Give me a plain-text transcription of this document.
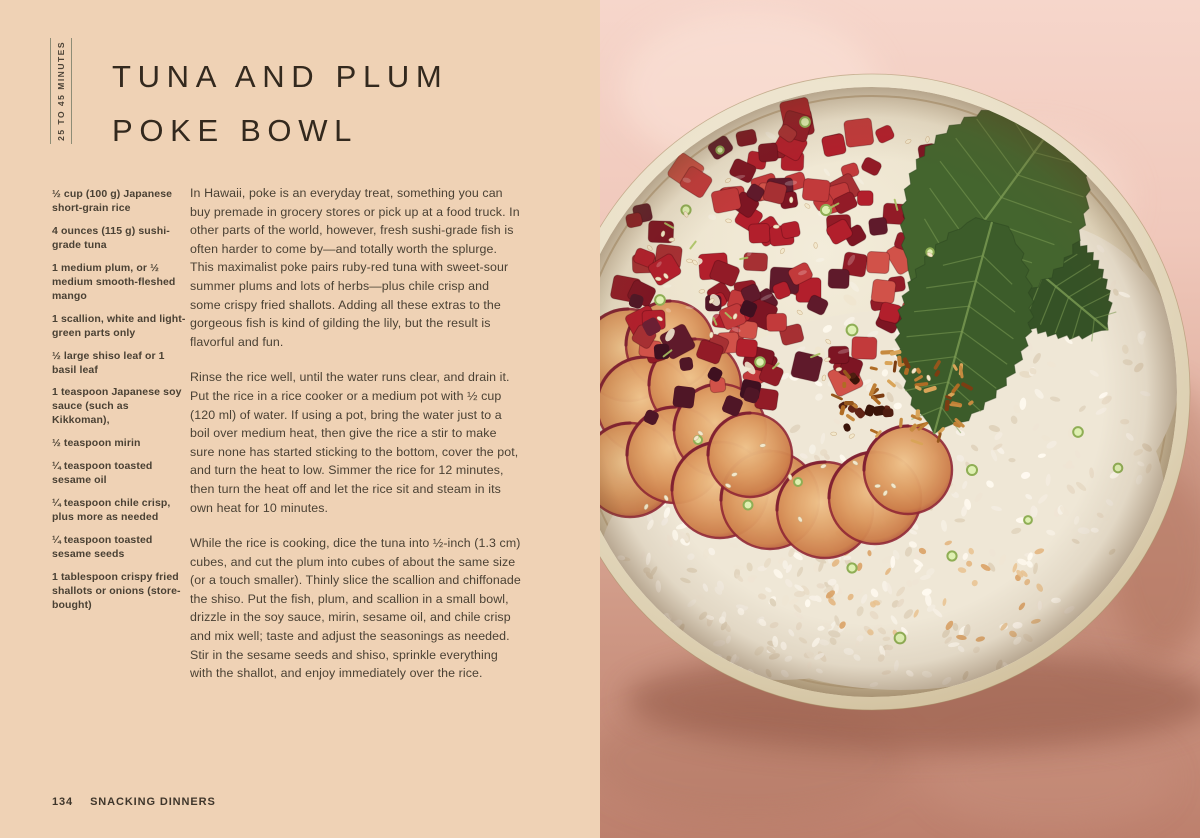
25 TO 45 MINUTES TUNA AND PLUM
POKE BOWL
½ cup (100 g) Japanese short-grain rice
4 ounces (115 g) sushi-grade tuna
1 medium plum, or ½ medium smooth-fleshed mango
1 scallion, white and light-green parts only
½ large shiso leaf or 1 basil leaf
1 teaspoon Japanese soy sauce (such as Kikkoman),
½ teaspoon mirin
¼ teaspoon toasted sesame oil
¼ teaspoon chile crisp, plus more as needed
¼ teaspoon toasted sesame seeds
1 tablespoon crispy fried shallots or onions (store-bought)

In Hawaii, poke is an everyday treat, something you can buy premade in grocery stores or pick up at a food truck. In other parts of the world, however, fresh sushi-grade fish is often harder to come by—and totally worth the splurge. This maximalist poke pairs ruby-red tuna with sweet-sour summer plums and lots of herbs—plus chile crisp and some crispy fried shallots. Adding all these extras to the gorgeous fish is kind of gilding the lily, but the result is flavorful and fun.

Rinse the rice well, until the water runs clear, and drain it. Put the rice in a rice cooker or a medium pot with ½ cup (120 ml) of water. If using a pot, bring the water just to a boil over medium heat, then give the rice a stir to make sure none has started sticking to the bottom, cover the pot, and turn the heat to low. Simmer the rice for 12 minutes, then turn the heat off and let the rice sit and steam in its own heat for 10 minutes.

While the rice is cooking, dice the tuna into ½-inch (1.3 cm) cubes, and cut the plum into cubes of about the same size (or a touch smaller). Thinly slice the scallion and chiffonade the shiso. Put the fish, plum, and scallion in a small bowl, drizzle in the soy sauce, mirin, sesame oil, and chile crisp and mix well; taste and adjust the seasonings as needed. Stir in the sesame seeds and shiso, sprinkle everything with the shallot, and enjoy immediately over the rice.

134 SNACKING DINNERS
